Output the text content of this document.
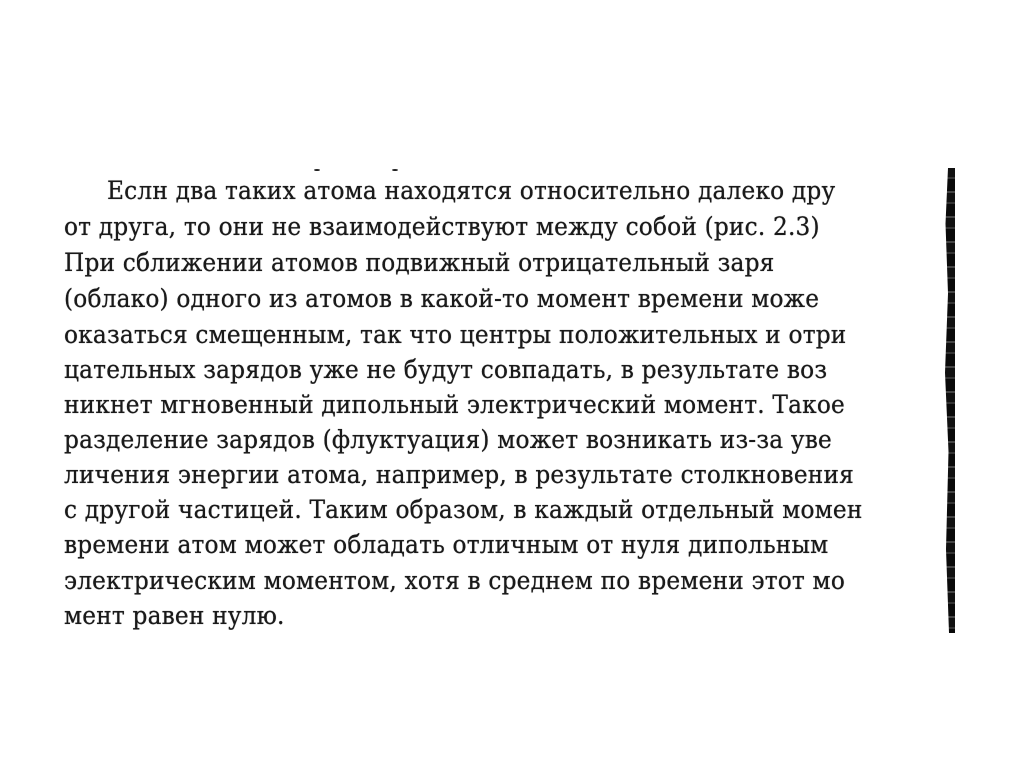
Еслн два таких атома находятся относительно далеко дру
от друга, то они не взаимодействуют между собой (рис. 2.3)
При сближении атомов подвижный отрицательный заря
(облако) одного из атомов в какой-то момент времени може
оказаться смещенным, так что центры положительных и отри
цательных зарядов уже не будут совпадать, в результате воз
никнет мгновенный дипольный электрический момент. Такое
разделение зарядов (флуктуация) может возникать из-за уве
личения энергии атома, например, в результате столкновения
с другой частицей. Таким образом, в каждый отдельный момен
времени атом может обладать отличным от нуля дипольным
электрическим моментом, хотя в среднем по времени этот мо
мент равен нулю.
